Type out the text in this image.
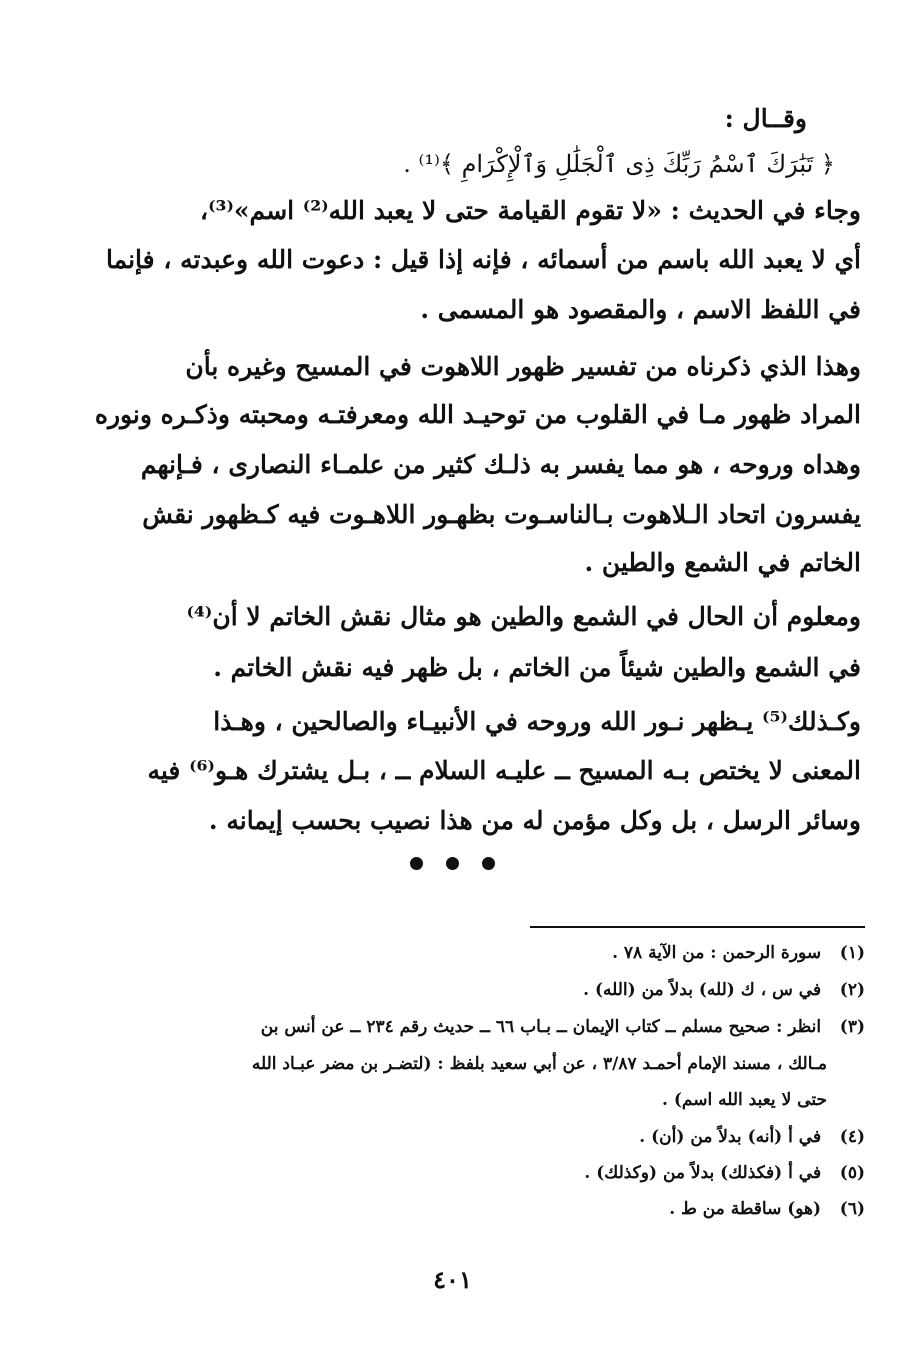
وقــال :
﴿ تَبَٰرَكَ ٱسْمُ رَبِّكَ ذِى ٱلْجَلَٰلِ وَٱلْإِكْرَامِ ﴾⁽¹⁾ .
وجاء في الحديث : «لا تقوم القيامة حتى لا يعبد الله⁽²⁾ اسم»⁽³⁾،
أي لا يعبد الله باسم من أسمائه ، فإنه إذا قيل : دعوت الله وعبدته ، فإنما
في اللفظ الاسم ، والمقصود هو المسمى .
وهذا الذي ذكرناه من تفسير ظهور اللاهوت في المسيح وغيره بأن
المراد ظهور مـا في القلوب من توحيـد الله ومعرفتـه ومحبته وذكـره ونوره
وهداه وروحه ، هو مما يفسر به ذلـك كثير من علمـاء النصارى ، فـإنهم
يفسرون اتحاد الـلاهوت بـالناسـوت بظهـور اللاهـوت فيه كـظهور نقش
الخاتم في الشمع والطين .
ومعلوم أن الحال في الشمع والطين هو مثال نقش الخاتم لا أن⁽⁴⁾
في الشمع والطين شيئاً من الخاتم ، بل ظهر فيه نقش الخاتم .
وكـذلك⁽⁵⁾ يـظهر نـور الله وروحه في الأنبيـاء والصالحين ، وهـذا
المعنى لا يختص بـه المسيح ــ عليـه السلام ــ ، بـل يشترك هـو⁽⁶⁾ فيه
وسائر الرسل ، بل وكل مؤمن له من هذا نصيب بحسب إيمانه .

(١) سورة الرحمن : من الآية ٧٨ .
(٢) في س ، ك (لله) بدلاً من (الله) .
(٣) انظر : صحيح مسلم ــ كتاب الإيمان ــ بـاب ٦٦ ــ حديث رقم ٢٣٤ ــ عن أنس بن
مـالك ، مسند الإمام أحمـد ٣/٨٧ ، عن أبي سعيد بلفظ : (لتضـر بن مضر عبـاد الله
حتى لا يعبد الله اسم) .
(٤) في أ (أنه) بدلاً من (أن) .
(٥) في أ (فكذلك) بدلاً من (وكذلك) .
(٦) (هو) ساقطة من ط .
٤٠١
